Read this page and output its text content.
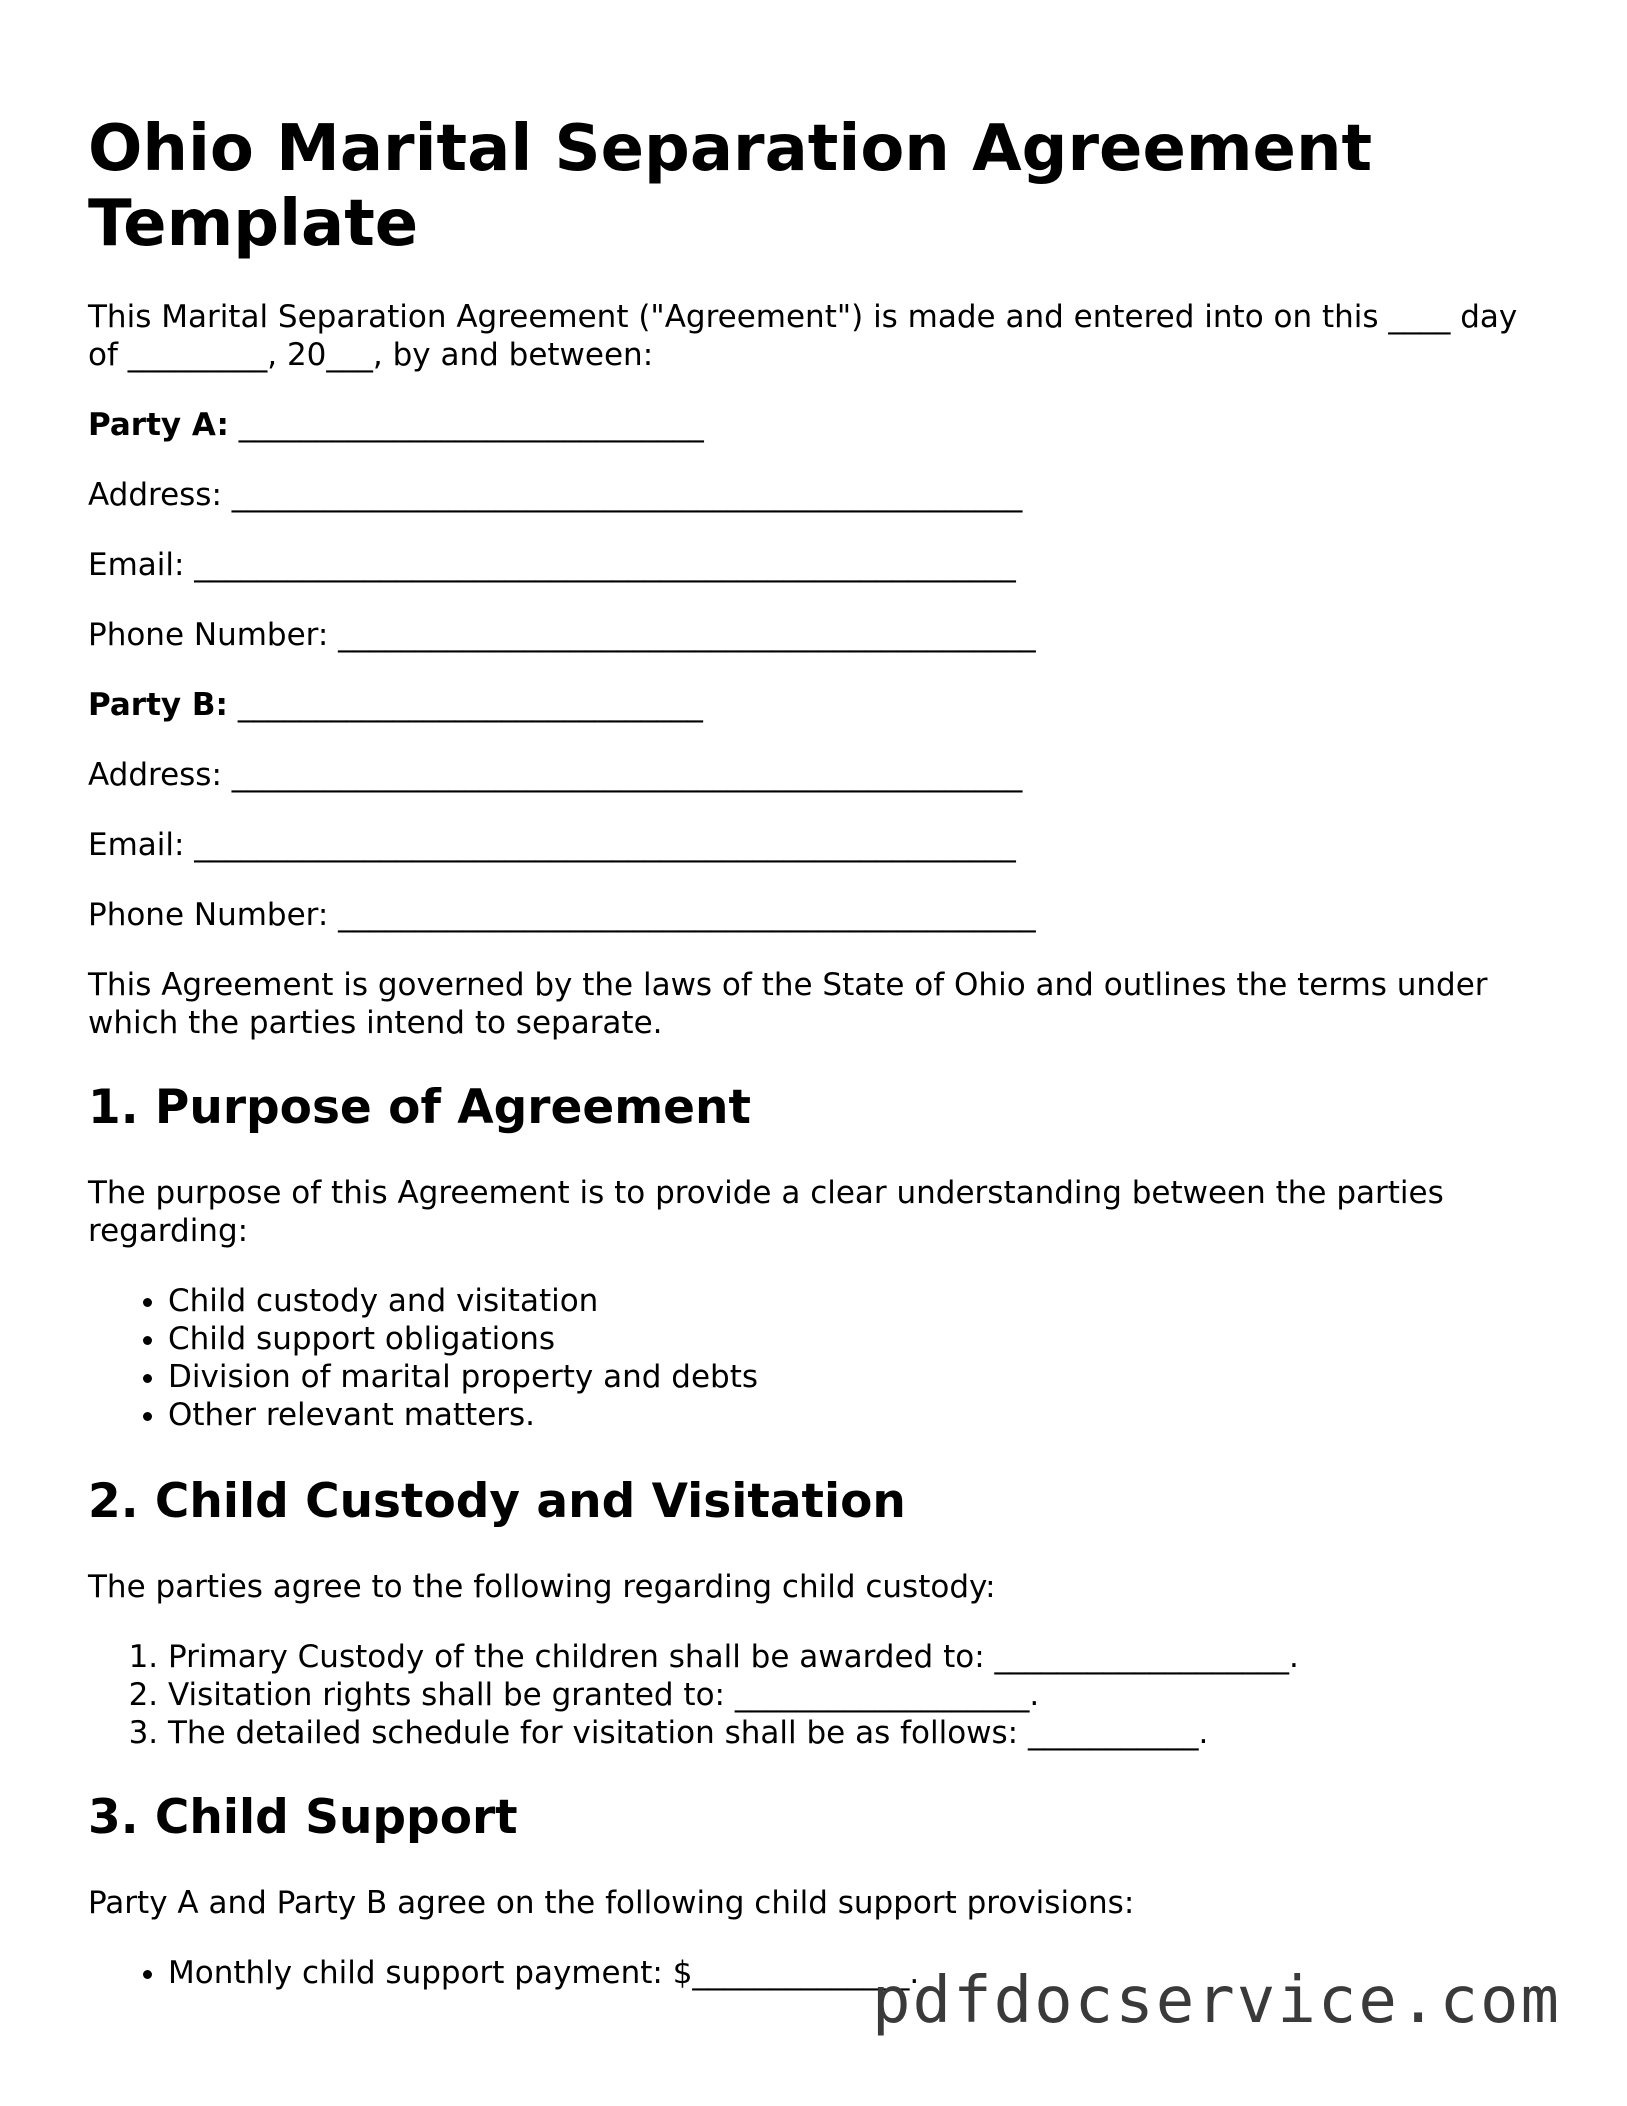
Ohio Marital Separation Agreement Template

This Marital Separation Agreement ("Agreement") is made and entered into on this ____ day of _________, 20___, by and between:

Party A: ______________________________

Address: ___________________________________________________

Email: _____________________________________________________

Phone Number: _____________________________________________

Party B: ______________________________

Address: ___________________________________________________

Email: _____________________________________________________

Phone Number: _____________________________________________

This Agreement is governed by the laws of the State of Ohio and outlines the terms under which the parties intend to separate.

1. Purpose of Agreement

The purpose of this Agreement is to provide a clear understanding between the parties regarding:

• Child custody and visitation
• Child support obligations
• Division of marital property and debts
• Other relevant matters.
2. Child Custody and Visitation

The parties agree to the following regarding child custody:

1. Primary Custody of the children shall be awarded to: ___________________.
2. Visitation rights shall be granted to: ___________________.
3. The detailed schedule for visitation shall be as follows: ___________.
3. Child Support

Party A and Party B agree on the following child support provisions:

• Monthly child support payment: $______________.
pdfdocservice.com
